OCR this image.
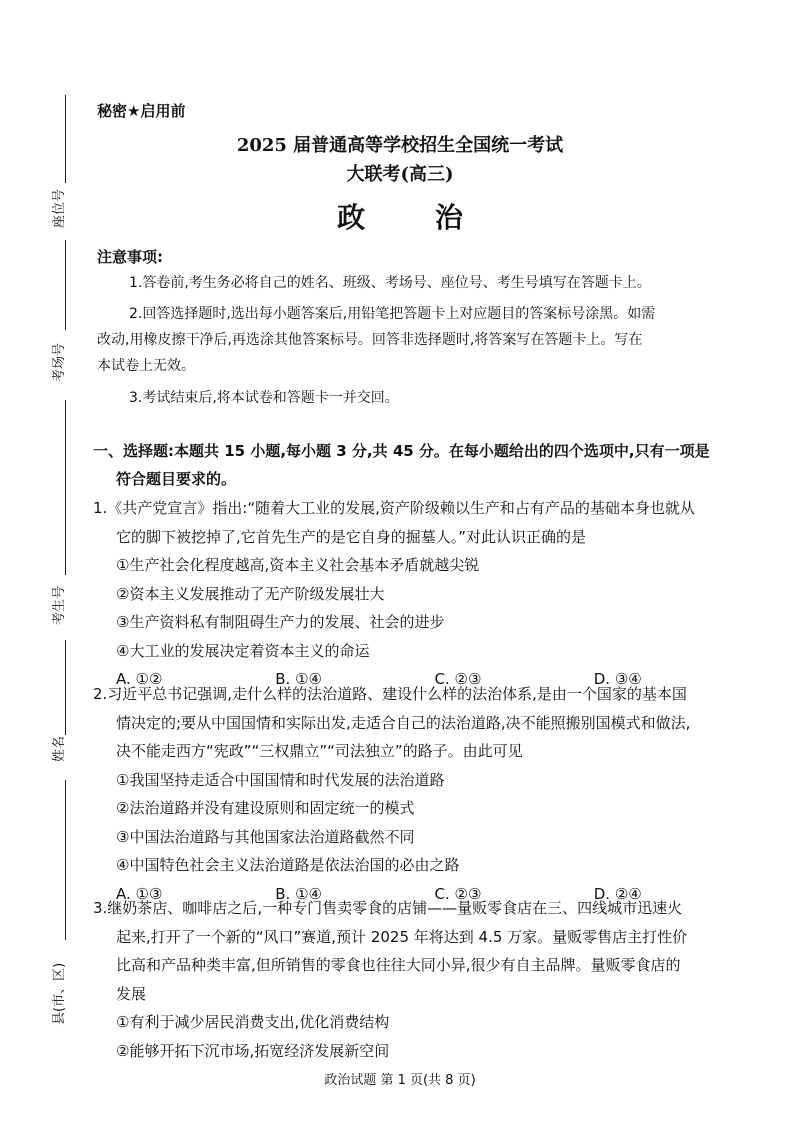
座位号
考场号
考生号
姓名
县(市、区)
秘密★启用前
2025 届普通高等学校招生全国统一考试
大联考(高三)
政 治
注意事项:
1.答卷前,考生务必将自己的姓名、班级、考场号、座位号、考生号填写在答题卡上。
2.回答选择题时,选出每小题答案后,用铅笔把答题卡上对应题目的答案标号涂黑。如需
改动,用橡皮擦干净后,再选涂其他答案标号。回答非选择题时,将答案写在答题卡上。写在
本试卷上无效。
3.考试结束后,将本试卷和答题卡一并交回。
一、选择题:本题共 15 小题,每小题 3 分,共 45 分。在每小题给出的四个选项中,只有一项是
符合题目要求的。
1.《共产党宣言》指出:“随着大工业的发展,资产阶级赖以生产和占有产品的基础本身也就从
它的脚下被挖掉了,它首先生产的是它自身的掘墓人。”对此认识正确的是
①生产社会化程度越高,资本主义社会基本矛盾就越尖锐
②资本主义发展推动了无产阶级发展壮大
③生产资料私有制阻碍生产力的发展、社会的进步
④大工业的发展决定着资本主义的命运
A. ①②	B. ①④	C. ②③	D. ③④
2.习近平总书记强调,走什么样的法治道路、建设什么样的法治体系,是由一个国家的基本国
情决定的;要从中国国情和实际出发,走适合自己的法治道路,决不能照搬别国模式和做法,
决不能走西方“宪政”“三权鼎立”“司法独立”的路子。由此可见
①我国坚持走适合中国国情和时代发展的法治道路
②法治道路并没有建设原则和固定统一的模式
③中国法治道路与其他国家法治道路截然不同
④中国特色社会主义法治道路是依法治国的必由之路
A. ①③	B. ①④	C. ②③	D. ②④
3.继奶茶店、咖啡店之后,一种专门售卖零食的店铺——量贩零食店在三、四线城市迅速火
起来,打开了一个新的“风口”赛道,预计 2025 年将达到 4.5 万家。量贩零售店主打性价
比高和产品种类丰富,但所销售的零食也往往大同小异,很少有自主品牌。量贩零食店的
发展
①有利于减少居民消费支出,优化消费结构
②能够开拓下沉市场,拓宽经济发展新空间
政治试题 第 1 页(共 8 页)
